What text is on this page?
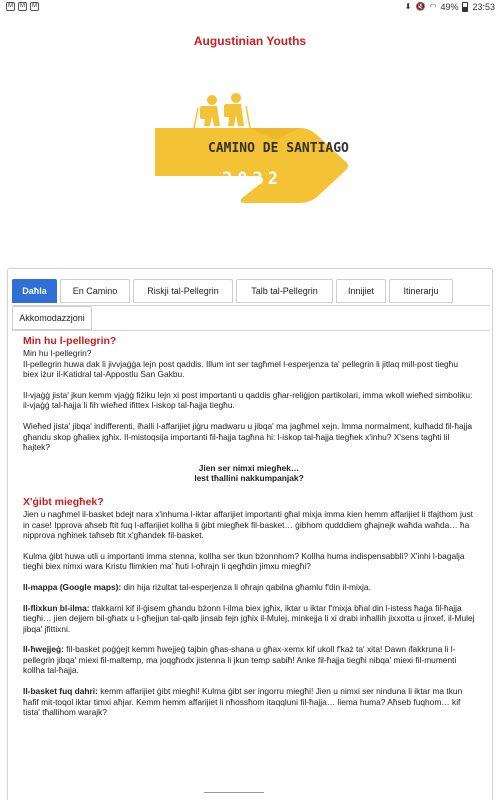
M	M	M	⬇ 🔇 ◠ 49% 23:53
Augustinian Youths
CAMINO DE SANTIAGO
2022
Daħla	En Camino	Riskji tal-Pellegrin	Talb tal-Pellegrin	Innijiet	Itinerarju
Akkomodazzjoni
Min hu l-pellegrin?
Min hu l-pellegrin?
Il-pellegrin huwa dak li jivvjaġġa lejn post qaddis. Illum int ser tagħmel l-esperjenza ta' pellegrin li jitlaq mill-post tiegħu biex iżur il-Katidral tal-Appostlu San Ġakbu.
Il-vjaġġ jista' jkun kemm vjaġġ fiżiku lejn xi post importanti u qaddis għar-reliġjon partikolari, imma wkoll wieħed simboliku: il-vjaġġ tal-ħajja li fih wieħed ifittex l-iskop tal-ħajja tiegħu.
Wieħed jista' jibqa' indifferenti, iħalli l-affarijiet jiġru madwaru u jibqa' ma jagħmel xejn. Imma normalment, kulħadd fil-ħajja għandu skop għaliex jgħix. Il-mistoqsija importanti fil-ħajja tagħna hi: l-iskop tal-ħajja tiegħek x'inhu? X'sens tagħti lil ħajtek?
Jien ser nimxi miegħek…
lest tħallini nakkumpanjak?
X'ġibt miegħek?
Jien u nagħmel il-basket bdejt nara x'inhuma l-iktar affarijiet importanti għal mixja imma kien hemm affarijiet li tfajthom just in case! Ipprova aħseb ftit fuq l-affarijiet kollha li ġibt miegħek fil-basket… ġibhom qudddiem għajnejk waħda waħda… ħa nipprova ngħinek taħseb ftit x'għandek fil-basket.
Kulma ġibt huwa utli u importanti imma stenna, kollha ser tkun bżonnhom? Kollha huma indispensabbli? X'inhi l-bagalja tiegħi biex nimxi wara Kristu flimkien ma' ħuti l-oħrajn li qegħdin jimxu miegħi?
Il-mappa (Google maps): din hija riżultat tal-esperjenza li oħrajn qabilna għamlu f'din il-mixja.
Il-flixkun bl-ilma: tfakkarni kif il-ġisem għandu bżonn l-ilma biex jgħix, iktar u iktar f'mixja bħal din l-istess ħaġa fil-ħajja tiegħi… jien dejjem bil-għatx u l-għejjun tal-qalb jinsab fejn jgħix il-Mulej, minkejja li xi drabi inħallih jixxotta u jinxef, il-Mulej jibqa' jfittixni.
Il-ħwejjeġ: fil-basket poġġejt kemm ħwejjeġ tajbin għas-shana u għax-xemx kif ukoll f'każ ta' xita! Dawn ifakkruna li l-pellegrin jibqa' miexi fil-maltemp, ma joqgħodx jistenna li jkun temp sabiħ! Anke fil-ħajja tiegħi nibqa' miexi fil-mumenti kollha tal-ħajja.
Il-basket fuq dahri: kemm affarijiet ġibt miegħi! Kulma ġibt ser ingorru miegħi! Jien u nimxi ser ninduna li iktar ma tkun ħafif mit-toqol iktar timxi aħjar. Kemm hemm affarijiet li nħossħom itaqqluni fil-ħajja… liema huma? Aħseb fuqhom… kif tista' tħallihom warajk?
